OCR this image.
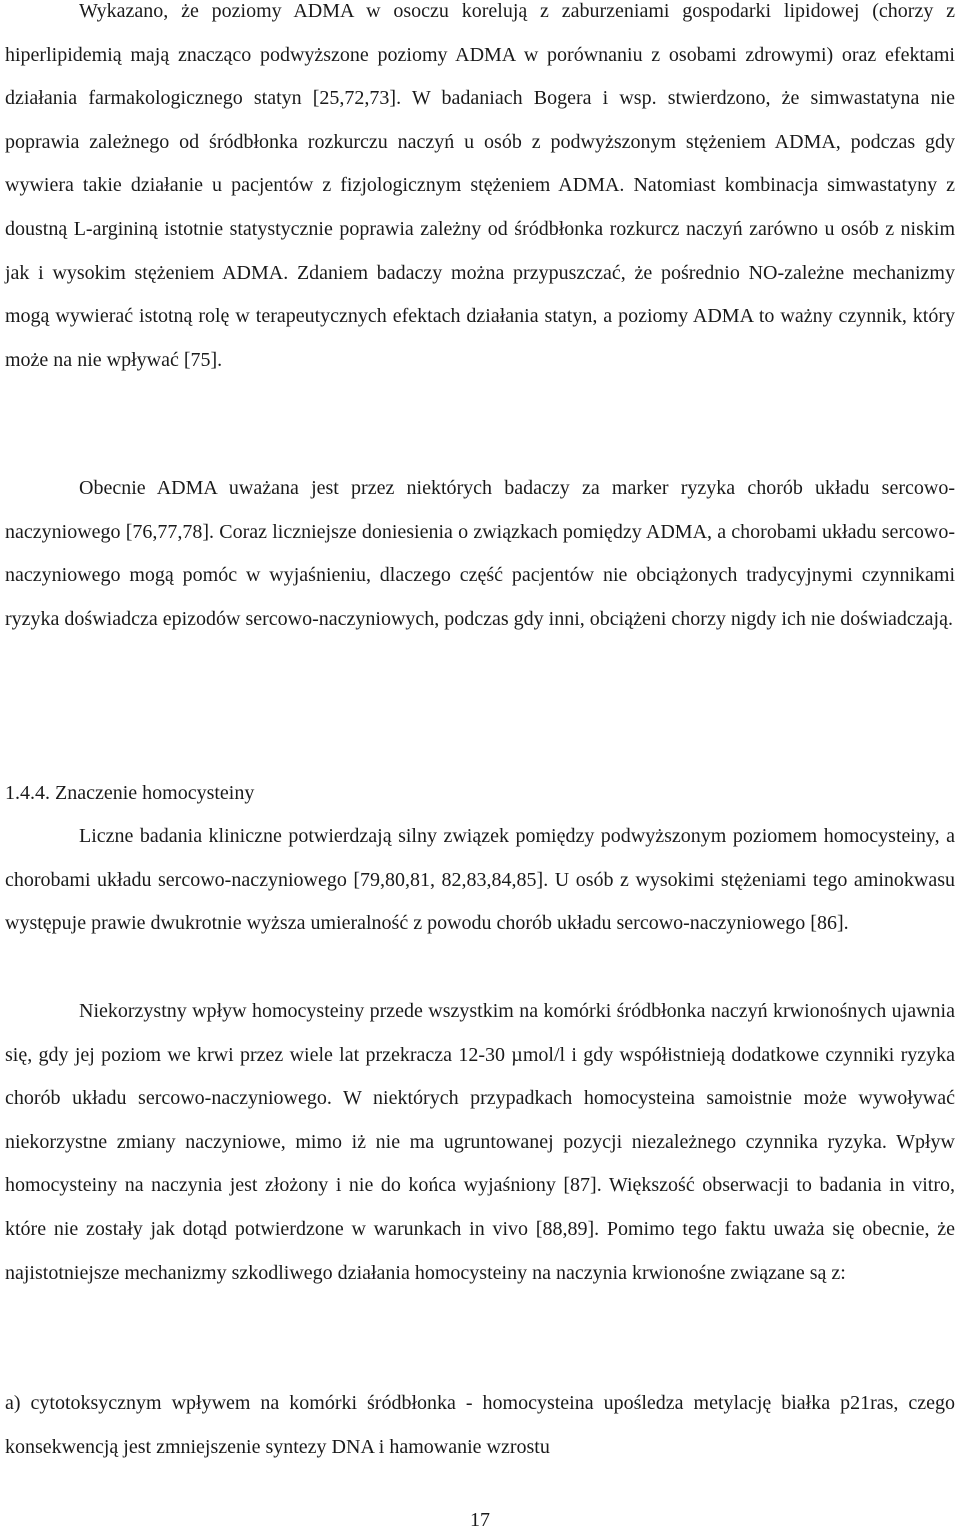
Wykazano, że poziomy ADMA w osoczu korelują z zaburzeniami gospodarki lipidowej (chorzy z hiperlipidemią mają znacząco podwyższone poziomy ADMA w porównaniu z osobami zdrowymi) oraz efektami działania farmakologicznego statyn [25,72,73]. W badaniach Bogera i wsp. stwierdzono, że simwastatyna nie poprawia zależnego od śródbłonka rozkurczu naczyń u osób z podwyższonym stężeniem ADMA, podczas gdy wywiera takie działanie u pacjentów z fizjologicznym stężeniem ADMA. Natomiast kombinacja simwastatyny z doustną L-argininą istotnie statystycznie poprawia zależny od śródbłonka rozkurcz naczyń zarówno u osób z niskim jak i wysokim stężeniem ADMA. Zdaniem badaczy można przypuszczać, że pośrednio NO-zależne mechanizmy mogą wywierać istotną rolę w terapeutycznych efektach działania statyn, a poziomy ADMA to ważny czynnik, który może na nie wpływać [75].

Obecnie ADMA uważana jest przez niektórych badaczy za marker ryzyka chorób układu sercowo-naczyniowego [76,77,78]. Coraz liczniejsze doniesienia o związkach pomiędzy ADMA, a chorobami układu sercowo-naczyniowego mogą pomóc w wyjaśnieniu, dlaczego część pacjentów nie obciążonych tradycyjnymi czynnikami ryzyka doświadcza epizodów sercowo-naczyniowych, podczas gdy inni, obciążeni chorzy nigdy ich nie doświadczają.

1.4.4. Znaczenie homocysteiny

Liczne badania kliniczne potwierdzają silny związek pomiędzy podwyższonym poziomem homocysteiny, a chorobami układu sercowo-naczyniowego [79,80,81, 82,83,84,85]. U osób z wysokimi stężeniami tego aminokwasu występuje prawie dwukrotnie wyższa umieralność z powodu chorób układu sercowo-naczyniowego [86].

Niekorzystny wpływ homocysteiny przede wszystkim na komórki śródbłonka naczyń krwionośnych ujawnia się, gdy jej poziom we krwi przez wiele lat przekracza 12-30 µmol/l i gdy współistnieją dodatkowe czynniki ryzyka chorób układu sercowo-naczyniowego. W niektórych przypadkach homocysteina samoistnie może wywoływać niekorzystne zmiany naczyniowe, mimo iż nie ma ugruntowanej pozycji niezależnego czynnika ryzyka. Wpływ homocysteiny na naczynia jest złożony i nie do końca wyjaśniony [87]. Większość obserwacji to badania in vitro, które nie zostały jak dotąd potwierdzone w warunkach in vivo [88,89]. Pomimo tego faktu uważa się obecnie, że najistotniejsze mechanizmy szkodliwego działania homocysteiny na naczynia krwionośne związane są z:

a) cytotoksycznym wpływem na komórki śródbłonka - homocysteina upośledza metylację białka p21ras, czego konsekwencją jest zmniejszenie syntezy DNA i hamowanie wzrostu

17
